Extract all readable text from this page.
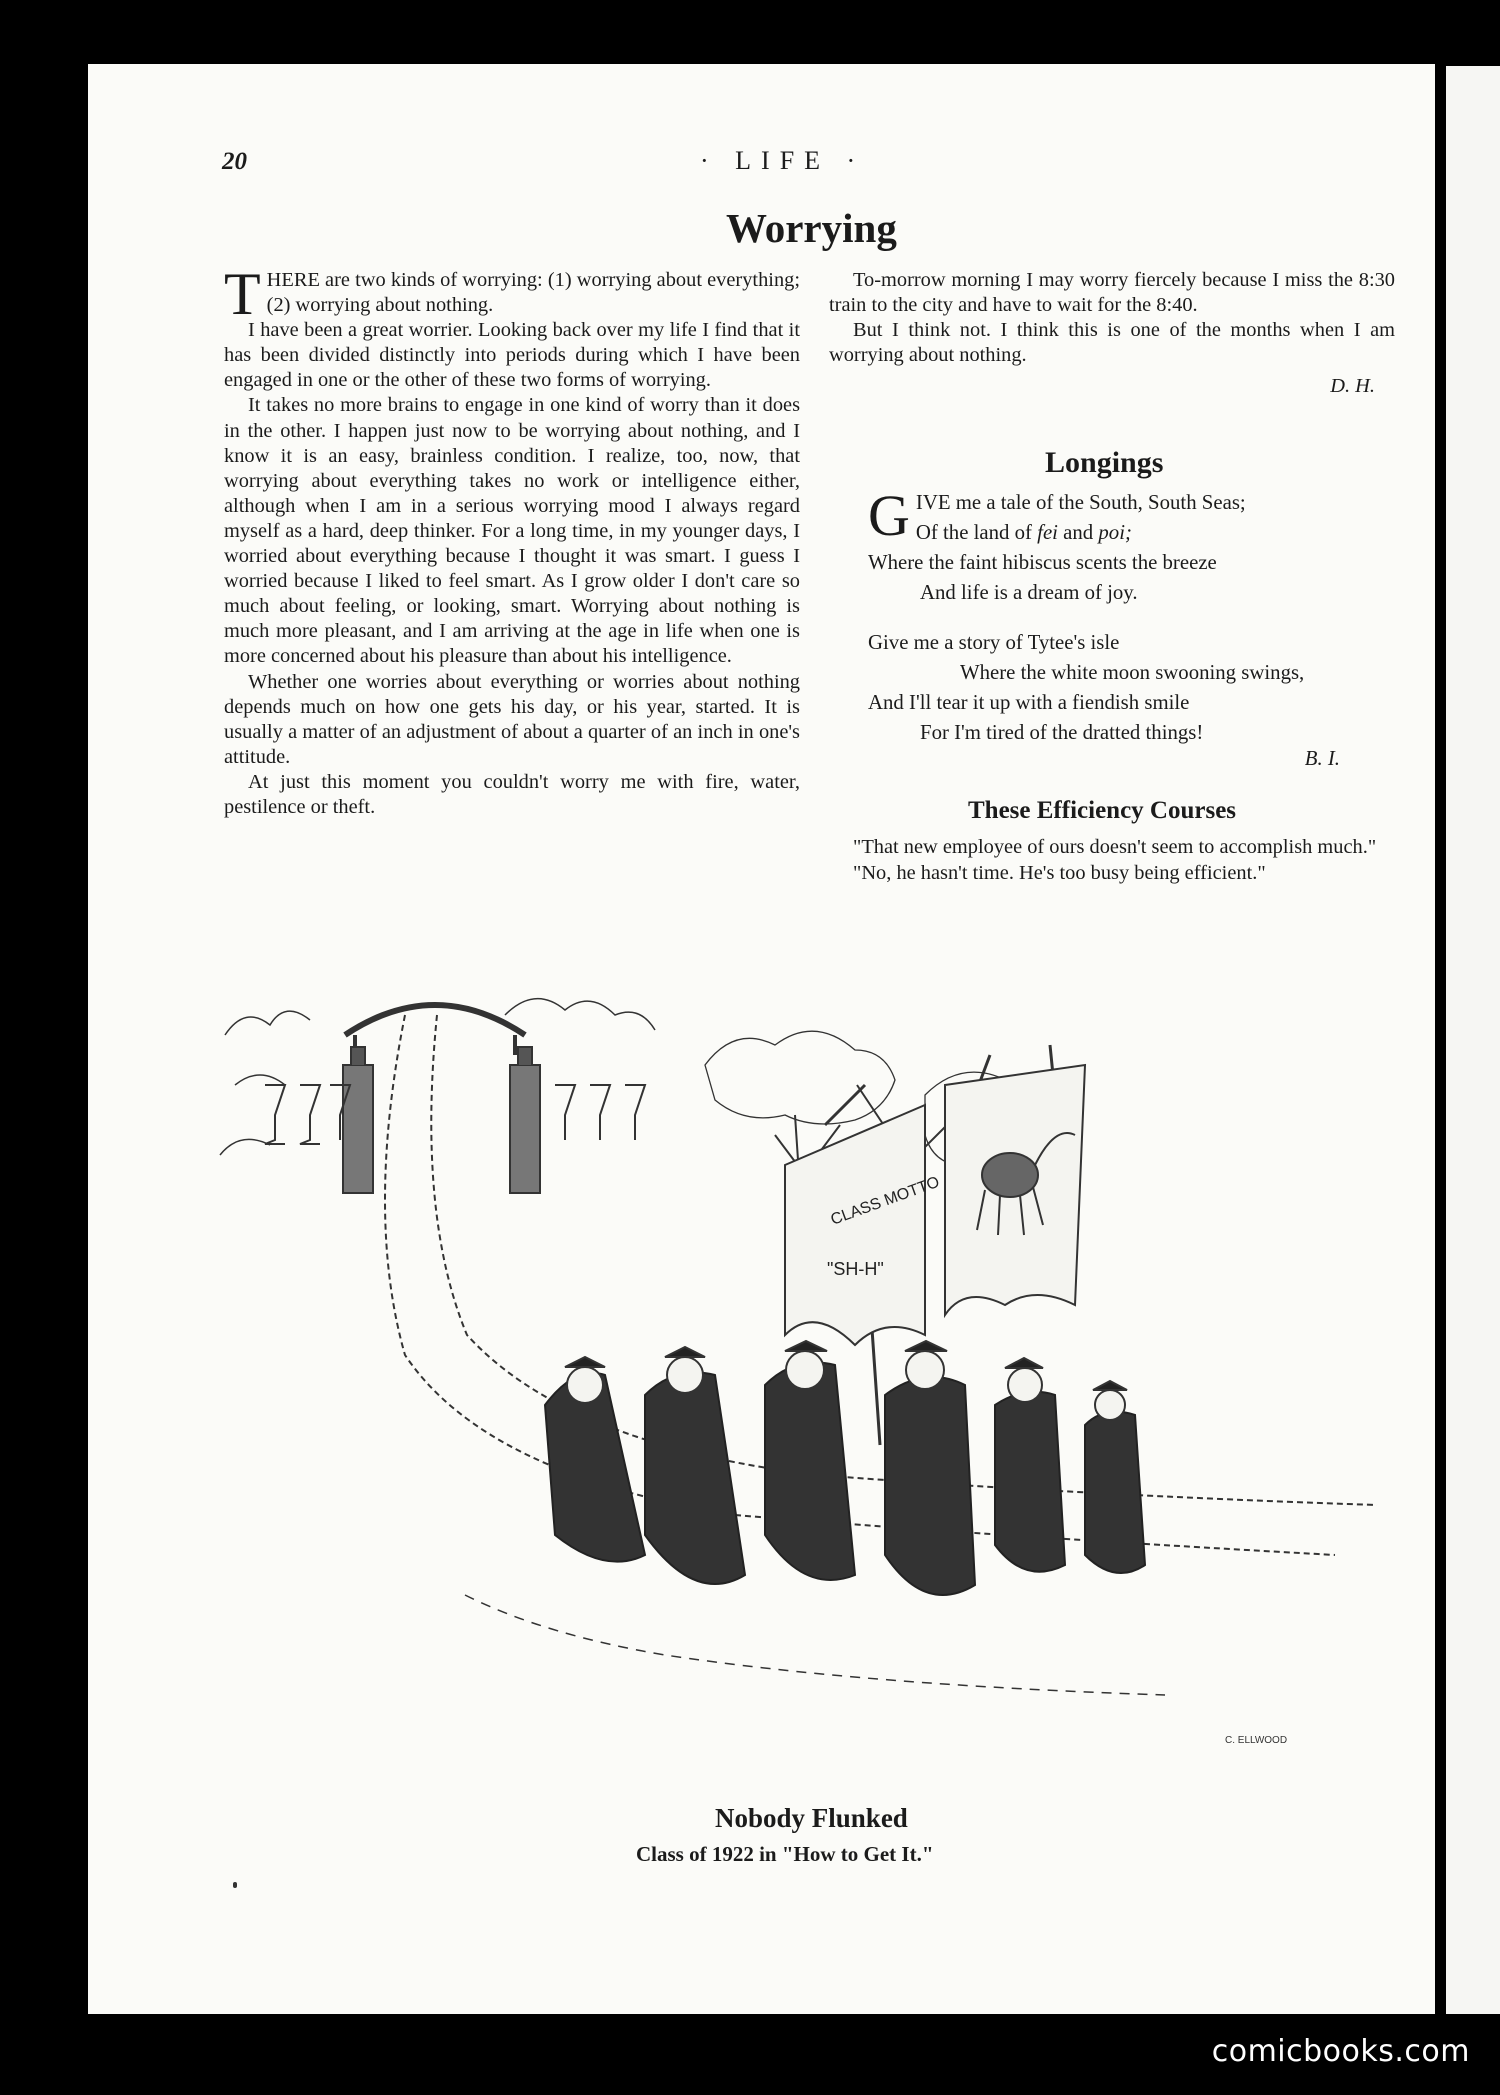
20	· LIFE ·
Worrying

THERE are two kinds of worrying: (1) worrying about everything; (2) worrying about nothing.

I have been a great worrier. Looking back over my life I find that it has been divided distinctly into periods during which I have been engaged in one or the other of these two forms of worrying.

It takes no more brains to engage in one kind of worry than it does in the other. I happen just now to be worrying about nothing, and I know it is an easy, brainless condition. I realize, too, now, that worrying about everything takes no work or intelligence either, although when I am in a serious worrying mood I always regard myself as a hard, deep thinker. For a long time, in my younger days, I worried about everything because I thought it was smart. I guess I worried because I liked to feel smart. As I grow older I don't care so much about feeling, or looking, smart. Worrying about nothing is much more pleasant, and I am arriving at the age in life when one is more concerned about his pleasure than about his intelligence.

Whether one worries about everything or worries about nothing depends much on how one gets his day, or his year, started. It is usually a matter of an adjustment of about a quarter of an inch in one's attitude.

At just this moment you couldn't worry me with fire, water, pestilence or theft.

To-morrow morning I may worry fiercely because I miss the 8:30 train to the city and have to wait for the 8:40.

But I think not. I think this is one of the months when I am worrying about nothing.

D. H.
Longings
GIVE me a tale of the South, South Seas;
Of the land of fei and poi;
Where the faint hibiscus scents the breeze
And life is a dream of joy.
Give me a story of Tytee's isle
Where the white moon swooning swings,
And I'll tear it up with a fiendish smile
For I'm tired of the dratted things!
B. I.
These Efficiency Courses

"That new employee of ours doesn't seem to accomplish much."

"No, he hasn't time. He's too busy being efficient."

CLASS MOTTO
"SH-H"
C. ELLWOOD
Nobody Flunked
Class of 1922 in "How to Get It."
comicbooks.com
